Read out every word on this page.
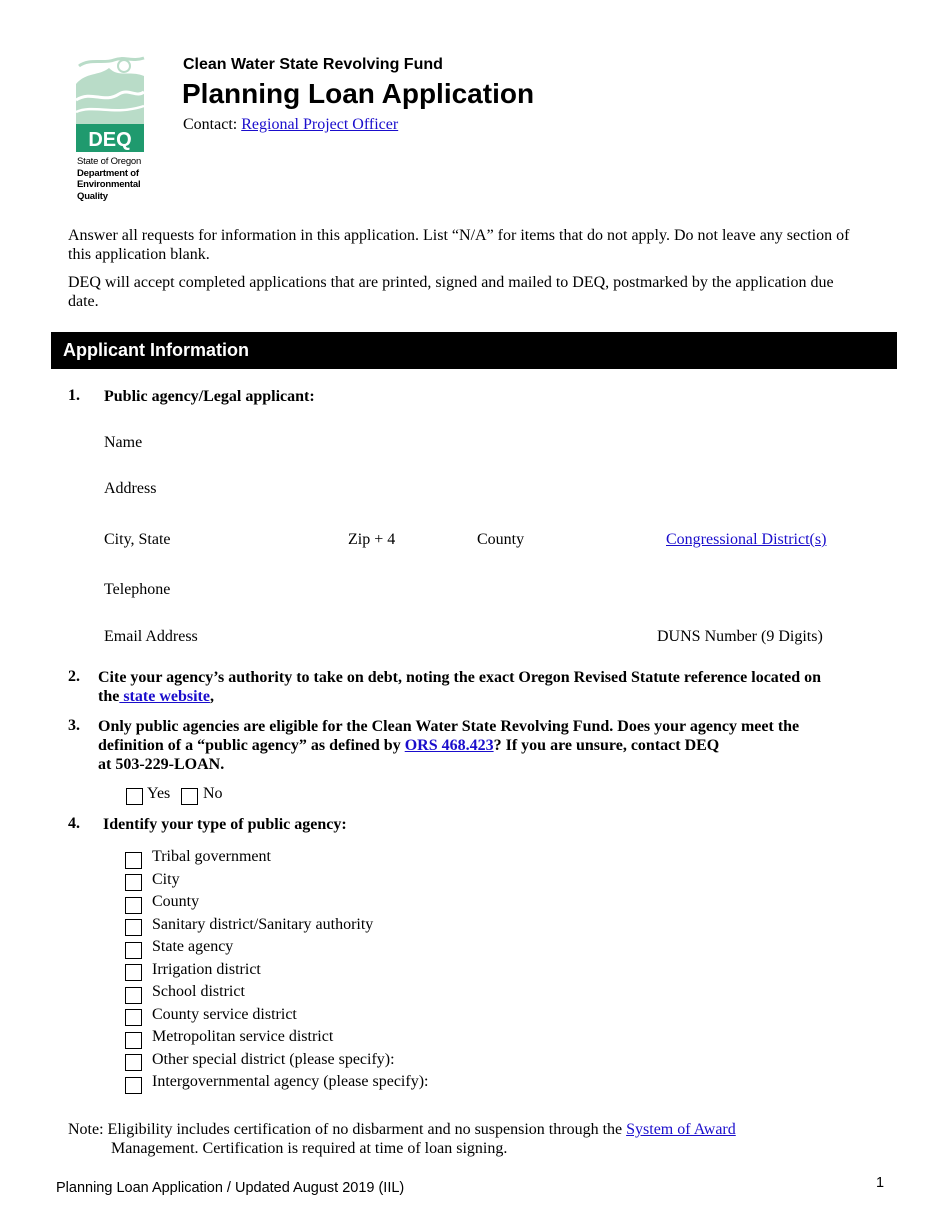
DEQ
State of Oregon
Department of
Environmental
Quality
Clean Water State Revolving Fund
Planning Loan Application
Contact: Regional Project Officer
Answer all requests for information in this application. List “N/A” for items that do not apply. Do not leave any section of this application blank.
DEQ will accept completed applications that are printed, signed and mailed to DEQ, postmarked by the application due date.
Applicant Information
1. Public agency/Legal applicant:
Name
Address
City, State	Zip + 4	County	Congressional District(s)
Telephone
Email Address	DUNS Number (9 Digits)
2. Cite your agency’s authority to take on debt, noting the exact Oregon Revised Statute reference located on
the state website,
3. Only public agencies are eligible for the Clean Water State Revolving Fund. Does your agency meet the
definition of a “public agency” as defined by ORS 468.423? If you are unsure, contact DEQ
at 503-229-LOAN.
Yes No
4. Identify your type of public agency:
Tribal government
City
County
Sanitary district/Sanitary authority
State agency
Irrigation district
School district
County service district
Metropolitan service district
Other special district (please specify):
Intergovernmental agency (please specify):
Note: Eligibility includes certification of no disbarment and no suspension through the System of Award
Management. Certification is required at time of loan signing.
Planning Loan Application / Updated August 2019 (IIL)	1
